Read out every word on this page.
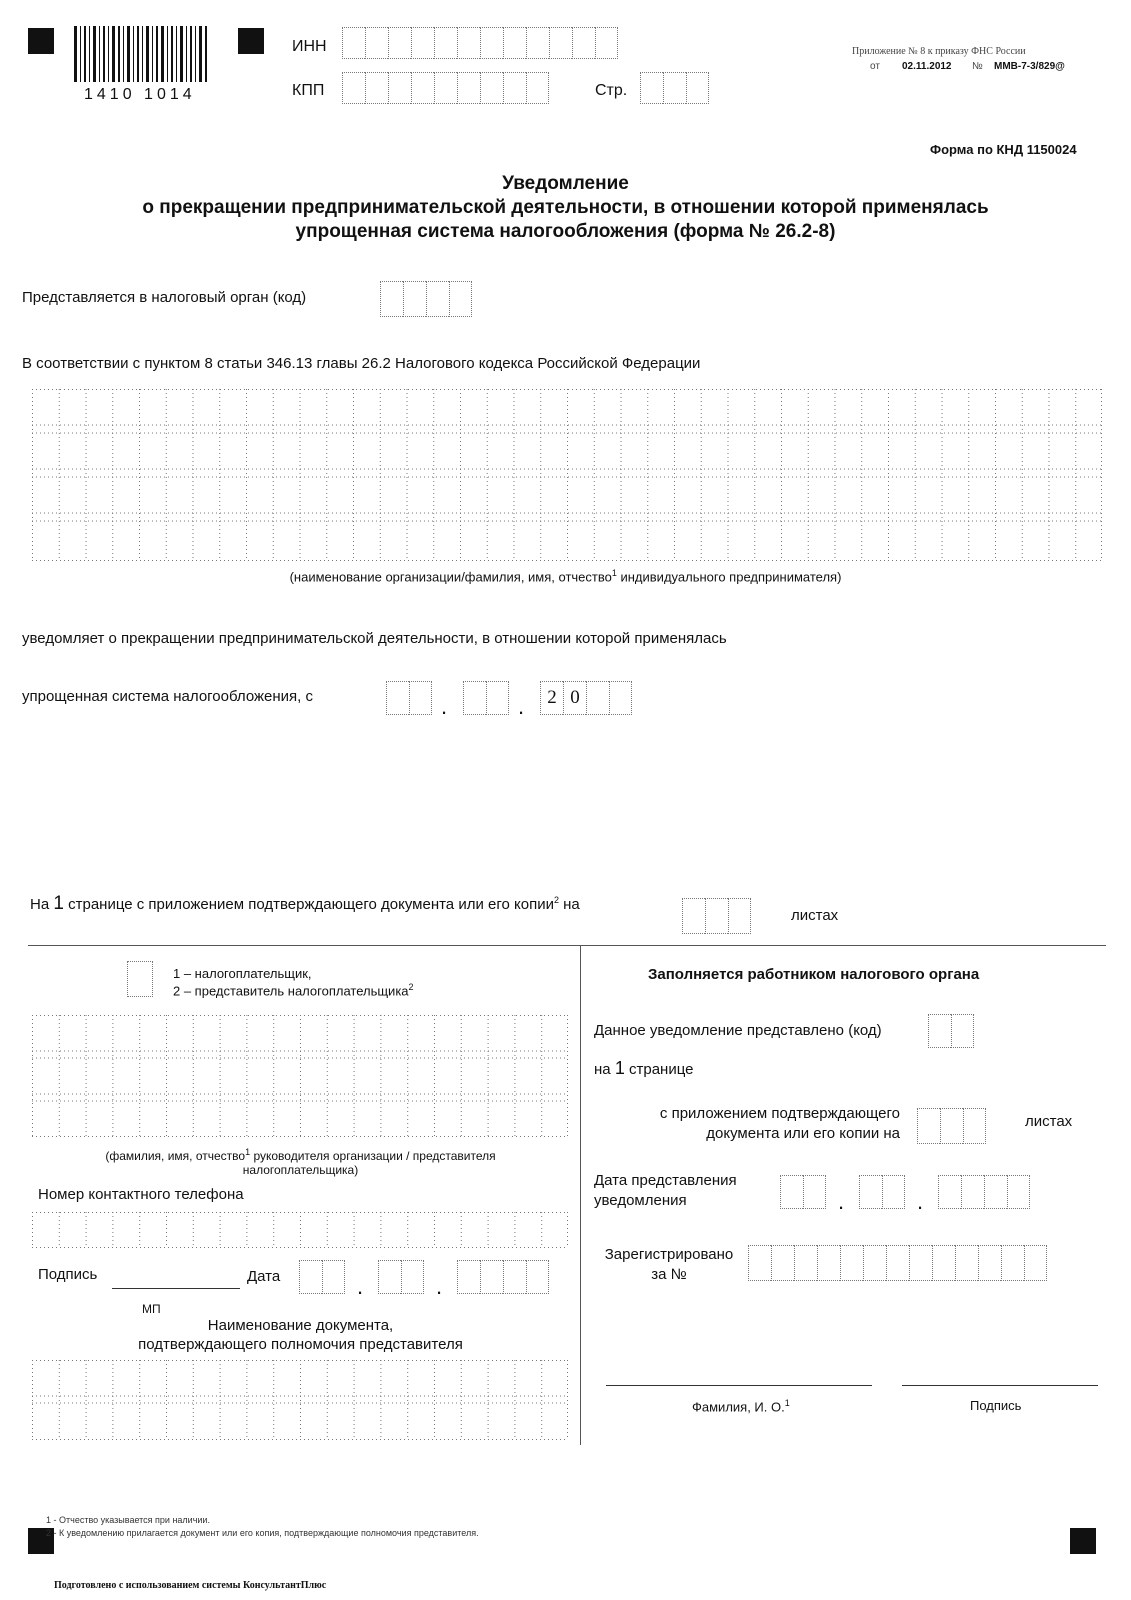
1410 1014
ИНН
КПП	Стр.
Приложение № 8 к приказу ФНС России
от 02.11.2012 № ММВ-7-3/829@
Форма по КНД 1150024
Уведомление
о прекращении предпринимательской деятельности, в отношении которой применялась
упрощенная система налогообложения (форма № 26.2-8)
Представляется в налоговый орган (код)
В соответствии с пунктом 8 статьи 346.13 главы 26.2 Налогового кодекса Российской Федерации
(наименование организации/фамилия, имя, отчество$^1$ индивидуального предпринимателя)
уведомляет о прекращении предпринимательской деятельности, в отношении которой применялась
упрощенная система налогообложения, с	.	.	2 0
На 1 странице с приложением подтверждающего документа или его копии$^2$ на
листах
1 – налогоплательщик,
2 – представитель налогоплательщика$^2$
(фамилия, имя, отчество$^1$ руководителя организации / представителя
налогоплательщика)
Номер контактного телефона
Подпись	Дата	.	.
МП
Наименование документа,
подтверждающего полномочия представителя
Заполняется работником налогового органа
Данное уведомление представлено (код)
на 1 странице
с приложением подтверждающего
документа или его копии на
листах
Дата представления
уведомления	.	.
Зарегистрировано
за №
Фамилия, И. О.$^1$	Подпись
1 - Отчество указывается при наличии.
2 - К уведомлению прилагается документ или его копия, подтверждающие полномочия представителя.
Подготовлено с использованием системы КонсультантПлюс
